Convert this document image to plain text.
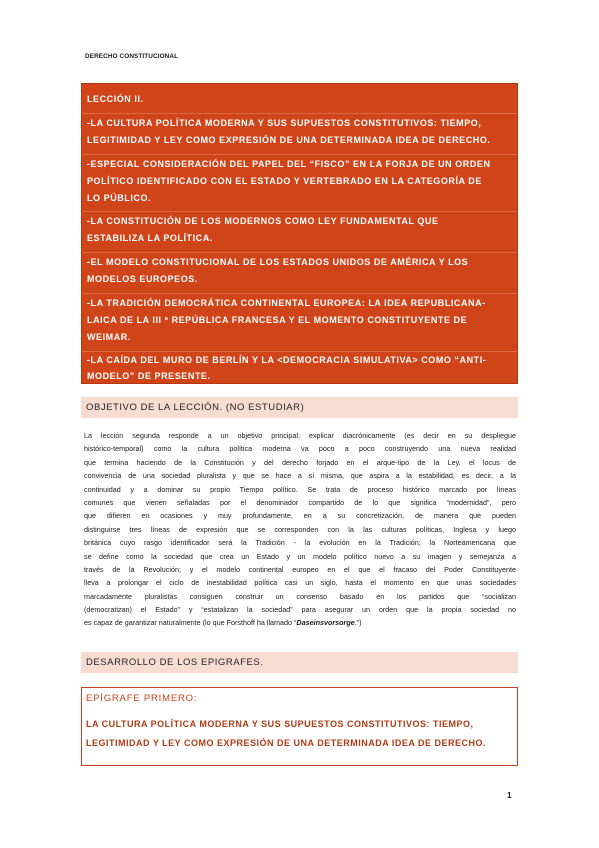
DERECHO CONSTITUCIONAL
LECCIÓN II.
-LA CULTURA POLÍTICA MODERNA Y SUS SUPUESTOS CONSTITUTIVOS: TIEMPO,
LEGITIMIDAD Y LEY COMO EXPRESIÓN DE UNA DETERMINADA IDEA DE DERECHO.
-ESPECIAL CONSIDERACIÓN DEL PAPEL DEL “FISCO” EN LA FORJA DE UN ORDEN
POLÍTICO IDENTIFICADO CON EL ESTADO Y VERTEBRADO EN LA CATEGORÍA DE
LO PÚBLICO.
-LA CONSTITUCIÓN DE LOS MODERNOS COMO LEY FUNDAMENTAL QUE
ESTABILIZA LA POLÍTICA.
-EL MODELO CONSTITUCIONAL DE LOS ESTADOS UNIDOS DE AMÉRICA Y LOS
MODELOS EUROPEOS.
-LA TRADICIÓN DEMOCRÁTICA CONTINENTAL EUROPEA: LA IDEA REPUBLICANA-
LAICA DE LA III ª REPÚBLICA FRANCESA Y EL MOMENTO CONSTITUYENTE DE
WEIMAR.
-LA CAÍDA DEL MURO DE BERLÍN Y LA <DEMOCRACIA SIMULATIVA> COMO “ANTI-
MODELO” DE PRESENTE.
OBJETIVO DE LA LECCIÓN. (NO ESTUDIAR)
La lección segunda responde a un objetivo principal: explicar diacrónicamente (es decir en su despliegue
histórico-temporal) como la cultura política moderna va poco a poco construyendo una nueva realidad
que termina haciendo de la Constitución y del derecho forjado en el arque-tipo de la Ley, el locus de
convivencia de una sociedad pluralista y que se hace a sí misma, que aspira a la estabilidad, es decir, a la
continuidad y a dominar su propio Tiempo político. Se trata de proceso histórico marcado por líneas
comunes que vienen señaladas por el denominador compartido de lo que significa “modernidad”, pero
que difieren en ocasiones y muy profundamente, en a su concretización, de manera que pueden
distinguirse tres líneas de expresión que se corresponden con la las culturas políticas, Inglesa y luego
británica cuyo rasgo identificador será la Tradición - la evolución en la Tradición; la Norteamericana que
se define como la sociedad que crea un Estado y un modelo político nuevo a su imagen y semejanza a
través de la Revolución; y el modelo continental europeo en el que el fracaso del Poder Constituyente
lleva a prolongar el ciclo de inestabilidad política casi un siglo, hasta el momento en que unas sociedades
marcadamente pluralistas consiguen construir un consenso basado en los partidos que “socializan
(democratizan) el Estado” y “estatalizan la sociedad” para asegurar un orden que la propia sociedad no
es capaz de garantizar naturalmente (lo que Forsthoff ha llamado “Daseinsvorsorge.”)
DESARROLLO DE LOS EPIGRAFES.
EPÍGRAFE PRIMERO:
LA CULTURA POLÍTICA MODERNA Y SUS SUPUESTOS CONSTITUTIVOS: TIEMPO,
LEGITIMIDAD Y LEY COMO EXPRESIÓN DE UNA DETERMINADA IDEA DE DERECHO.
1
